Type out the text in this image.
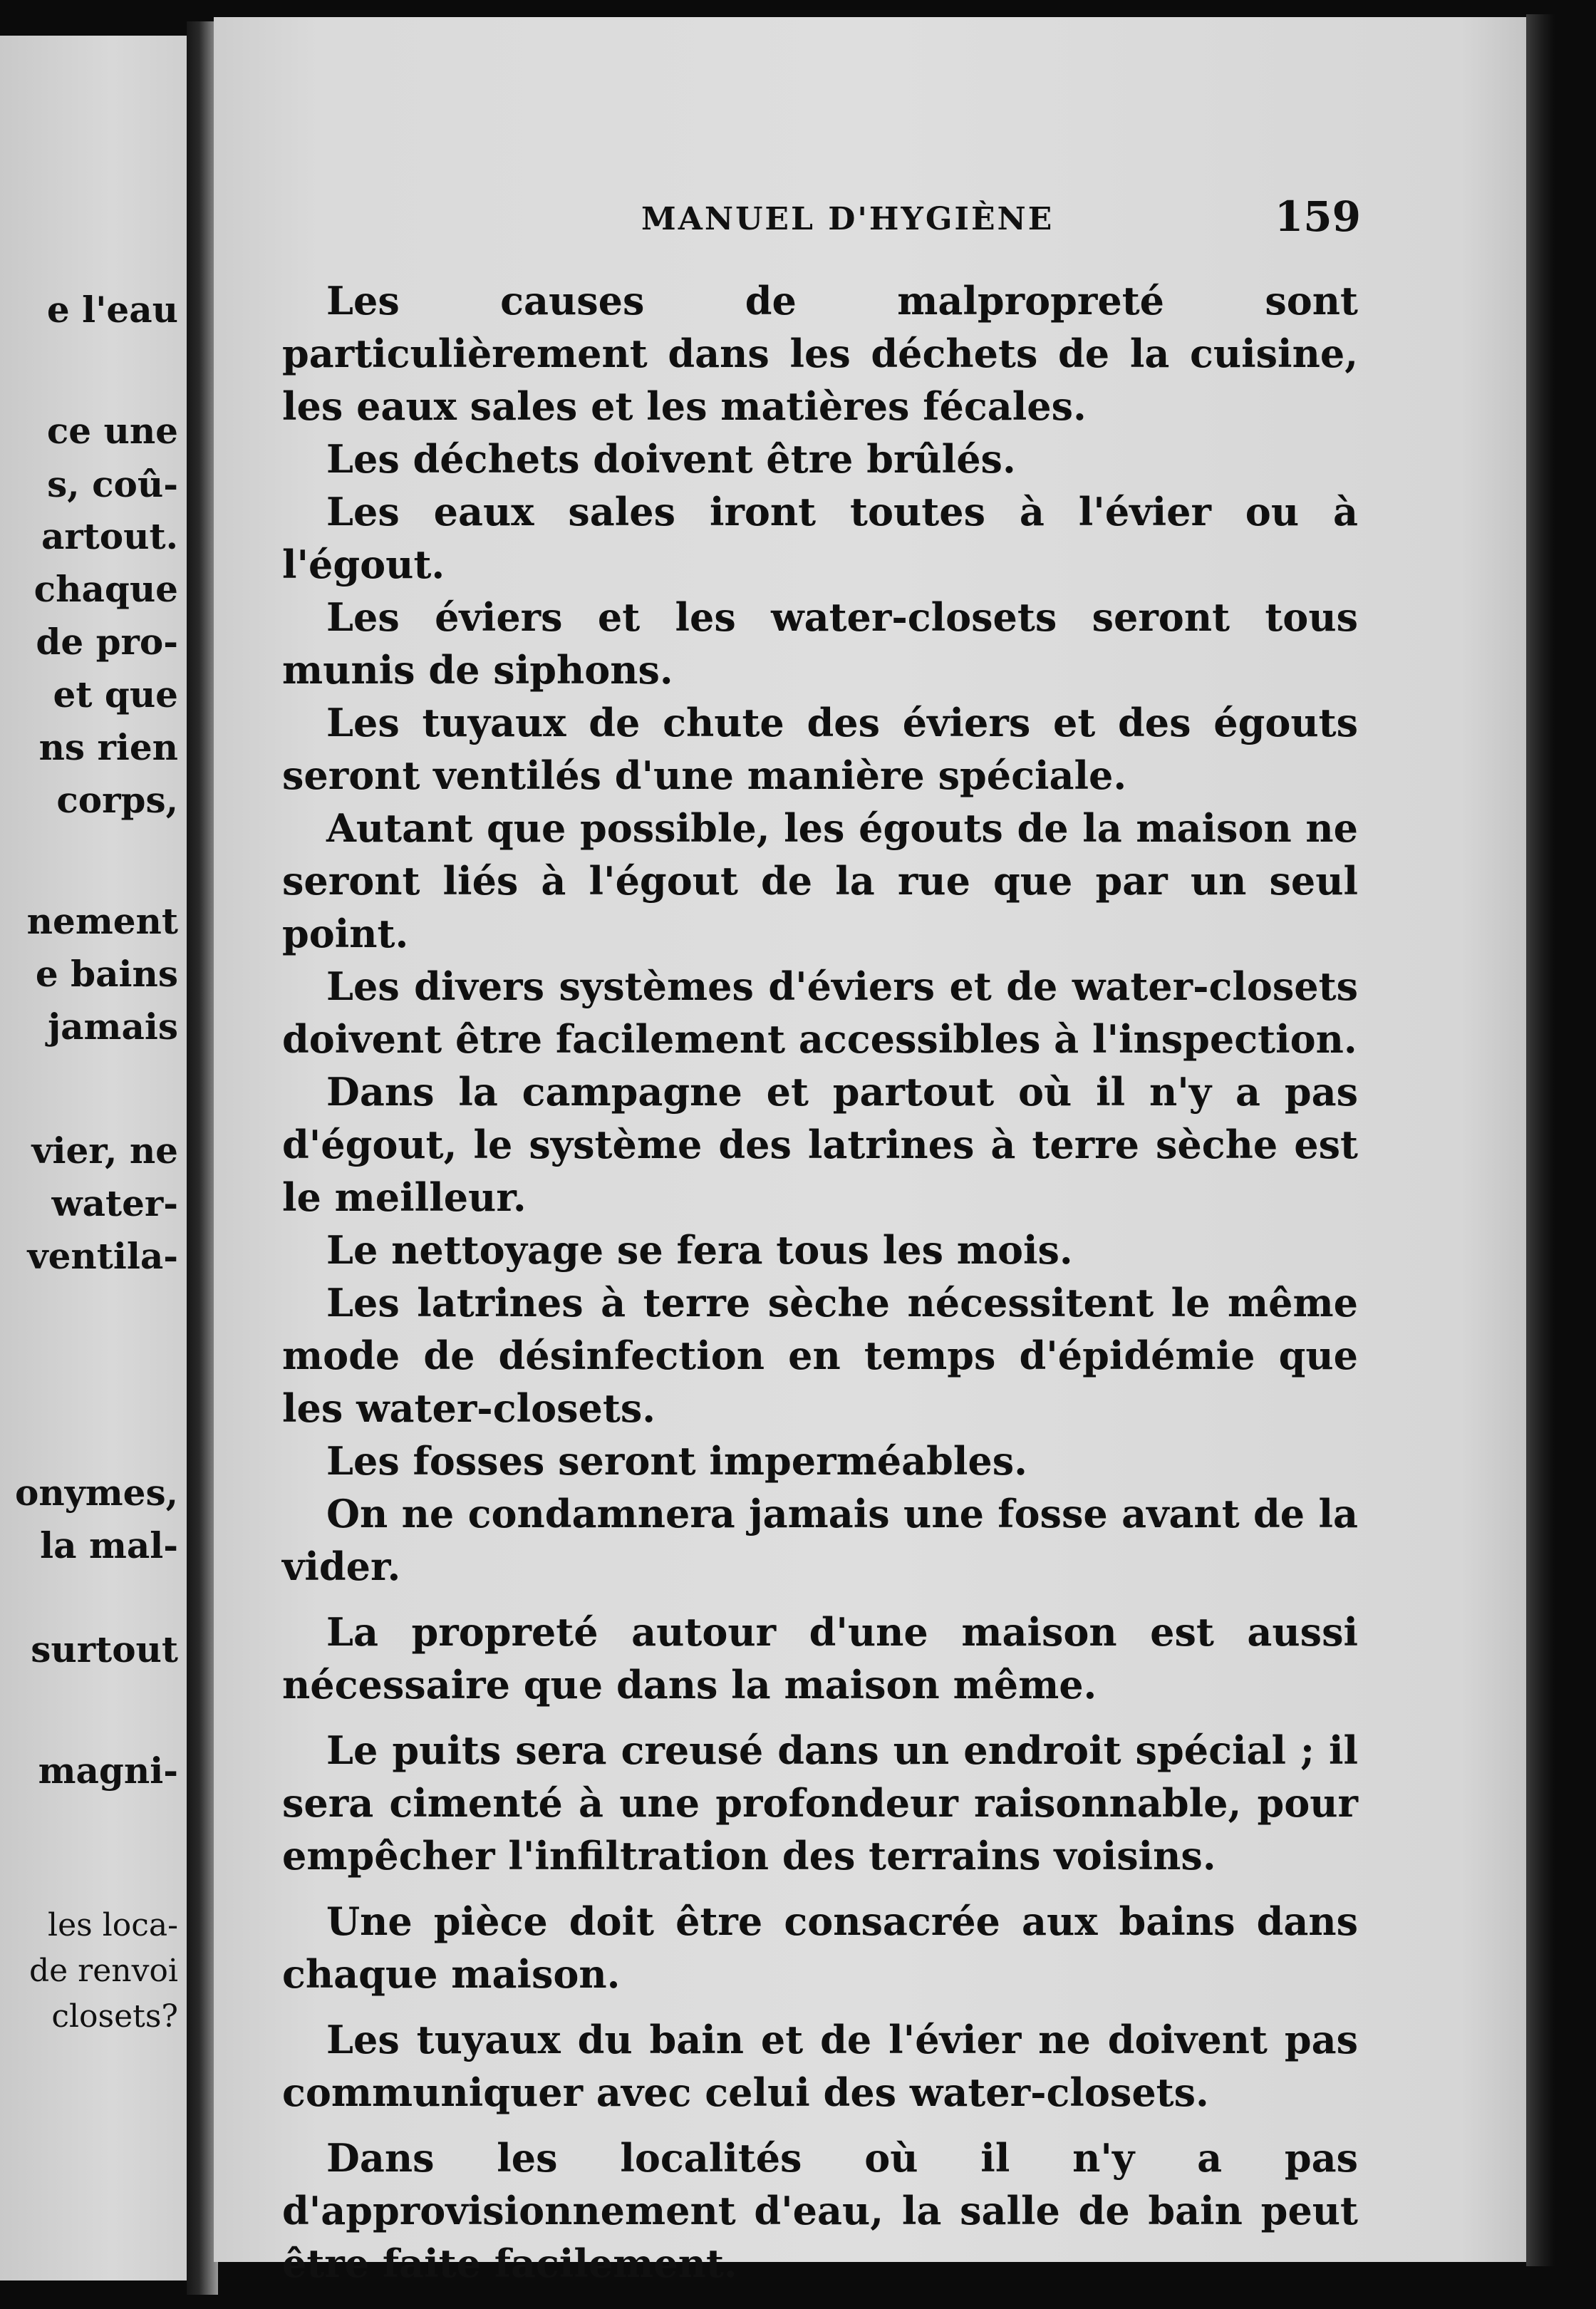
e l'eau
ce une
s, coû-
artout.
chaque
de pro-
et que
ns rien
corps,
nement
e bains
jamais
vier, ne
water-
ventila-
onymes,
la mal-
surtout
magni-
les loca-
de renvoi
closets?
MANUEL D'HYGIÈNE	159

Les causes de malpropreté sont particulièrement dans les déchets de la cuisine, les eaux sales et les matières fécales.

Les déchets doivent être brûlés.

Les eaux sales iront toutes à l'évier ou à l'égout.

Les éviers et les water-closets seront tous munis de siphons.

Les tuyaux de chute des éviers et des égouts seront ventilés d'une manière spéciale.

Autant que possible, les égouts de la maison ne seront liés à l'égout de la rue que par un seul point.

Les divers systèmes d'éviers et de water-closets doivent être facilement accessibles à l'inspection.

Dans la campagne et partout où il n'y a pas d'égout, le système des latrines à terre sèche est le meilleur.

Le nettoyage se fera tous les mois.

Les latrines à terre sèche nécessitent le même mode de désinfection en temps d'épidémie que les water-closets.

Les fosses seront imperméables.

On ne condamnera jamais une fosse avant de la vider.

La propreté autour d'une maison est aussi nécessaire que dans la maison même.

Le puits sera creusé dans un endroit spécial ; il sera cimenté à une profondeur raisonnable, pour empêcher l'infiltration des terrains voisins.

Une pièce doit être consacrée aux bains dans chaque maison.

Les tuyaux du bain et de l'évier ne doivent pas communiquer avec celui des water-closets.

Dans les localités où il n'y a pas d'approvisionnement d'eau, la salle de bain peut être faite facilement.
